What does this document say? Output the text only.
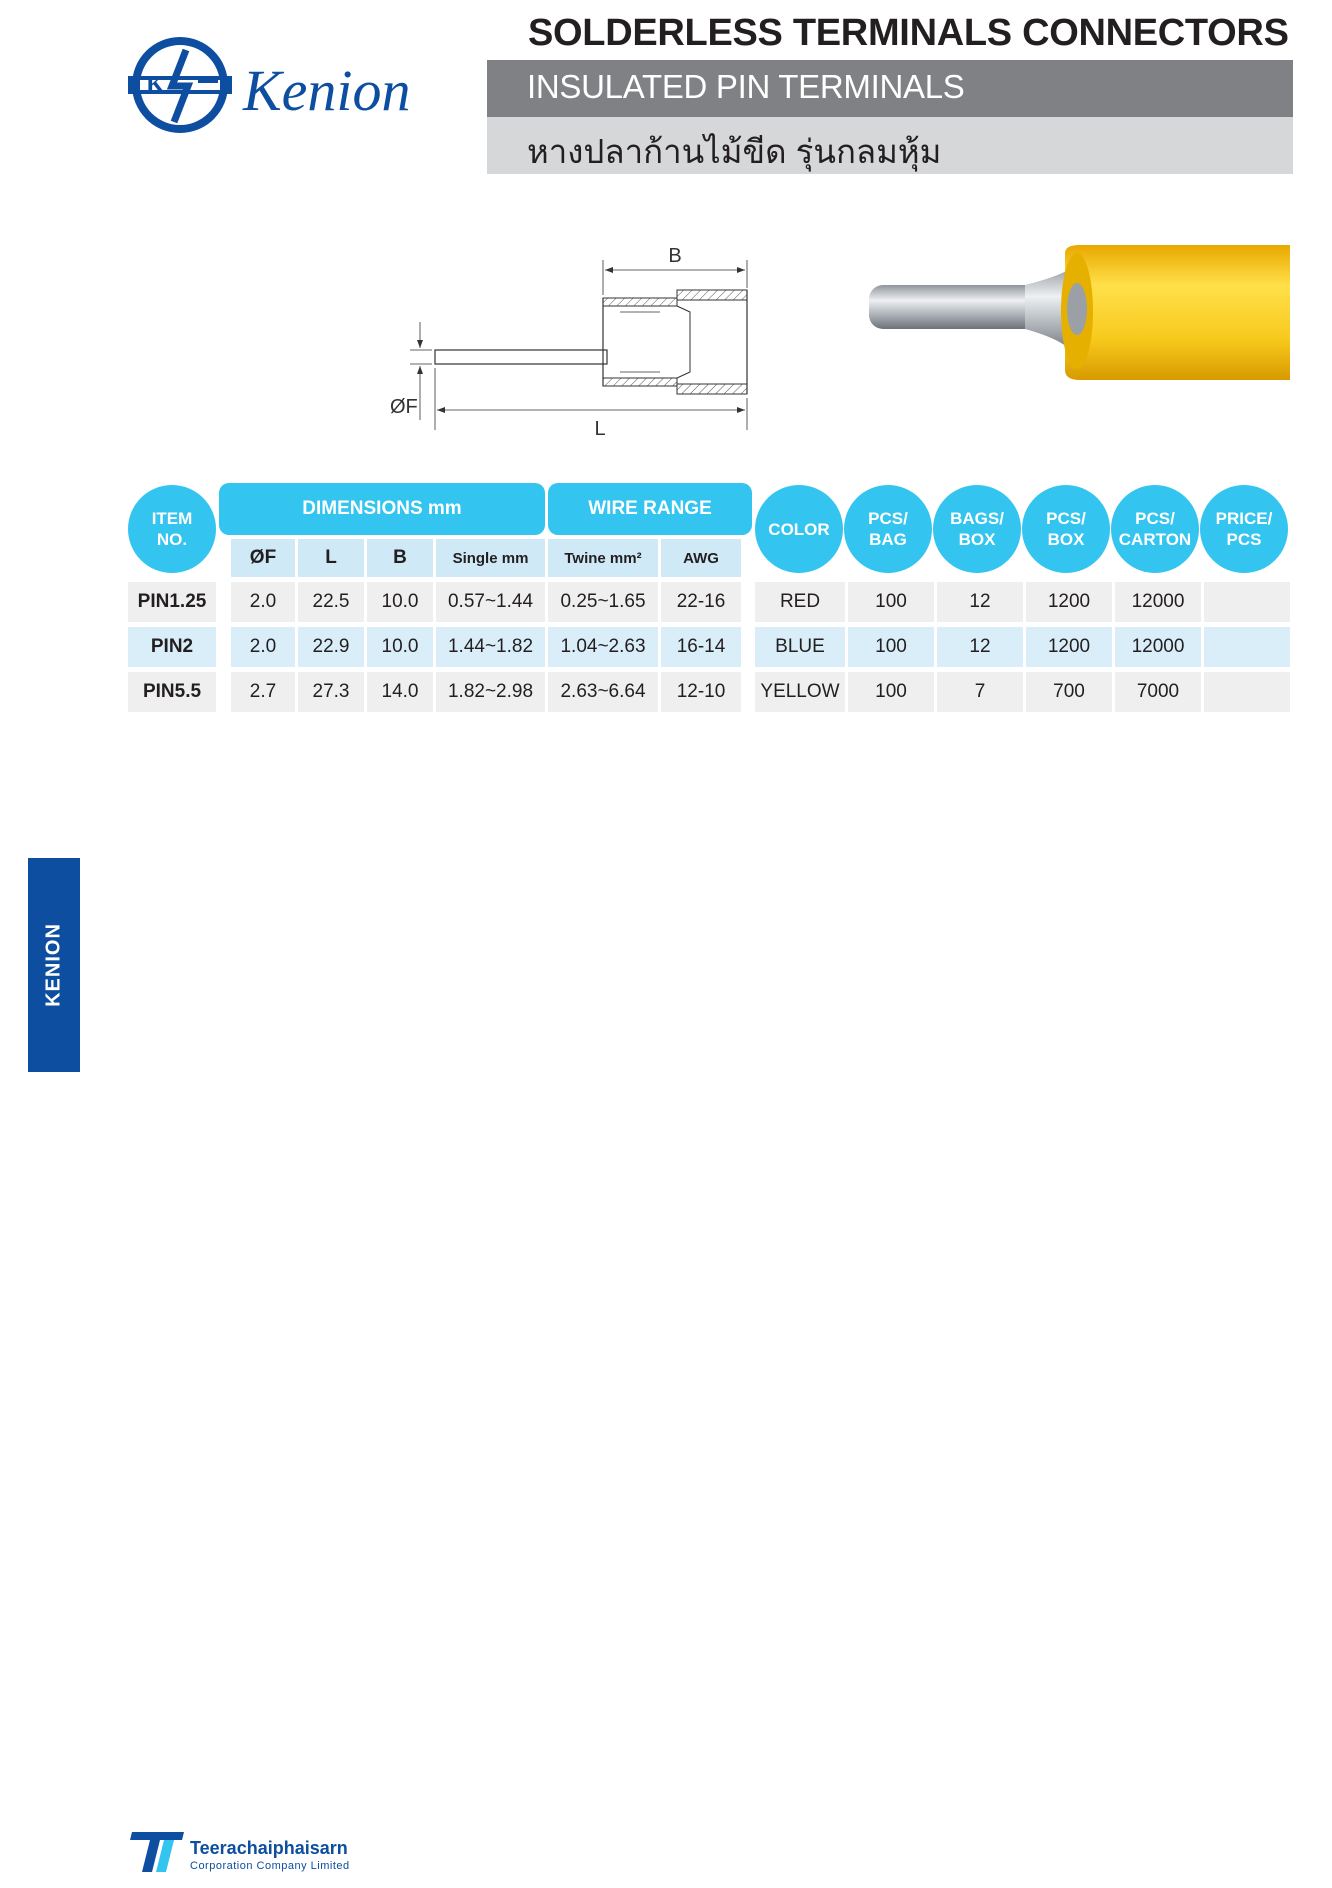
K Kenion
SOLDERLESS TERMINALS CONNECTORS
INSULATED PIN TERMINALS
หางปลาก้านไม้ขีด รุ่นกลมหุ้ม
B
ØF
L
ITEM
NO.
DIMENSIONS mm	WIRE RANGE
ØF	L	B	Single mm	Twine mm²	AWG
COLOR
PCS/
BAG
BAGS/
BOX
PCS/
BOX
PCS/
CARTON
PRICE/
PCS
PIN1.25	2.0	22.5	10.0	0.57~1.44	0.25~1.65	22-16	RED	100	12	1200	12000
PIN2	2.0	22.9	10.0	1.44~1.82	1.04~2.63	16-14	BLUE	100	12	1200	12000
PIN5.5	2.7	27.3	14.0	1.82~2.98	2.63~6.64	12-10	YELLOW	100	7	700	7000
KENION
Teerachaiphaisarn
Corporation Company Limited
